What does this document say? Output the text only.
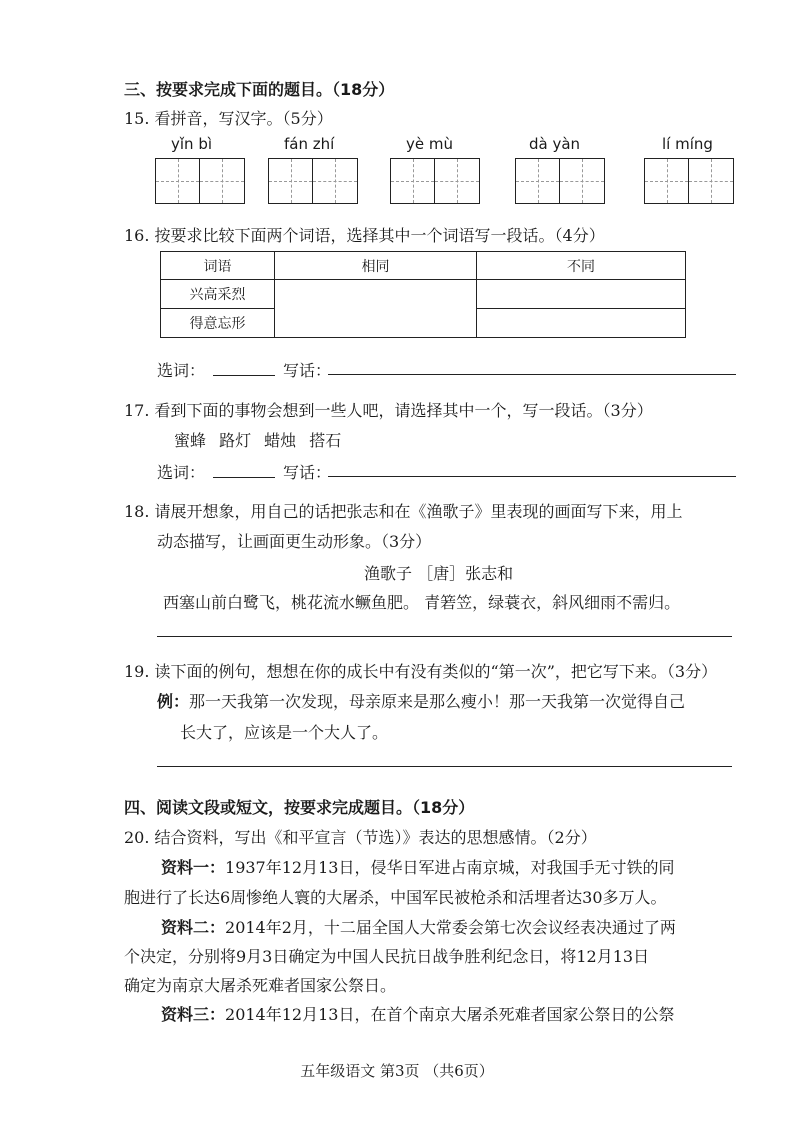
三、按要求完成下面的题目。（18分）
15. 看拼音，写汉字。（5分）
yǐn bì	fán zhí	yè mù	dà yàn	lí míng
16. 按要求比较下面两个词语，选择其中一个词语写一段话。（4分）
词语	相同	不同
兴高采烈		
得意忘形		
选词：	写话：
17. 看到下面的事物会想到一些人吧，请选择其中一个，写一段话。（3分）
蜜蜂 路灯 蜡烛 搭石
选词：	写话：
18. 请展开想象，用自己的话把张志和在《渔歌子》里表现的画面写下来，用上
动态描写，让画面更生动形象。（3分）
渔歌子 ［唐］张志和
西塞山前白鹭飞，桃花流水鳜鱼肥。 青箬笠，绿蓑衣，斜风细雨不需归。
19. 读下面的例句，想想在你的成长中有没有类似的“第一次”，把它写下来。（3分）
例：那一天我第一次发现，母亲原来是那么瘦小！那一天我第一次觉得自己
长大了，应该是一个大人了。
四、阅读文段或短文，按要求完成题目。（18分）
20. 结合资料，写出《和平宣言（节选）》表达的思想感情。（2分）
资料一：1937年12月13日，侵华日军进占南京城，对我国手无寸铁的同
胞进行了长达6周惨绝人寰的大屠杀，中国军民被枪杀和活埋者达30多万人。
资料二：2014年2月，十二届全国人大常委会第七次会议经表决通过了两
个决定，分别将9月3日确定为中国人民抗日战争胜利纪念日，将12月13日
确定为南京大屠杀死难者国家公祭日。
资料三：2014年12月13日，在首个南京大屠杀死难者国家公祭日的公祭
五年级语文 第3页 （共6页）
